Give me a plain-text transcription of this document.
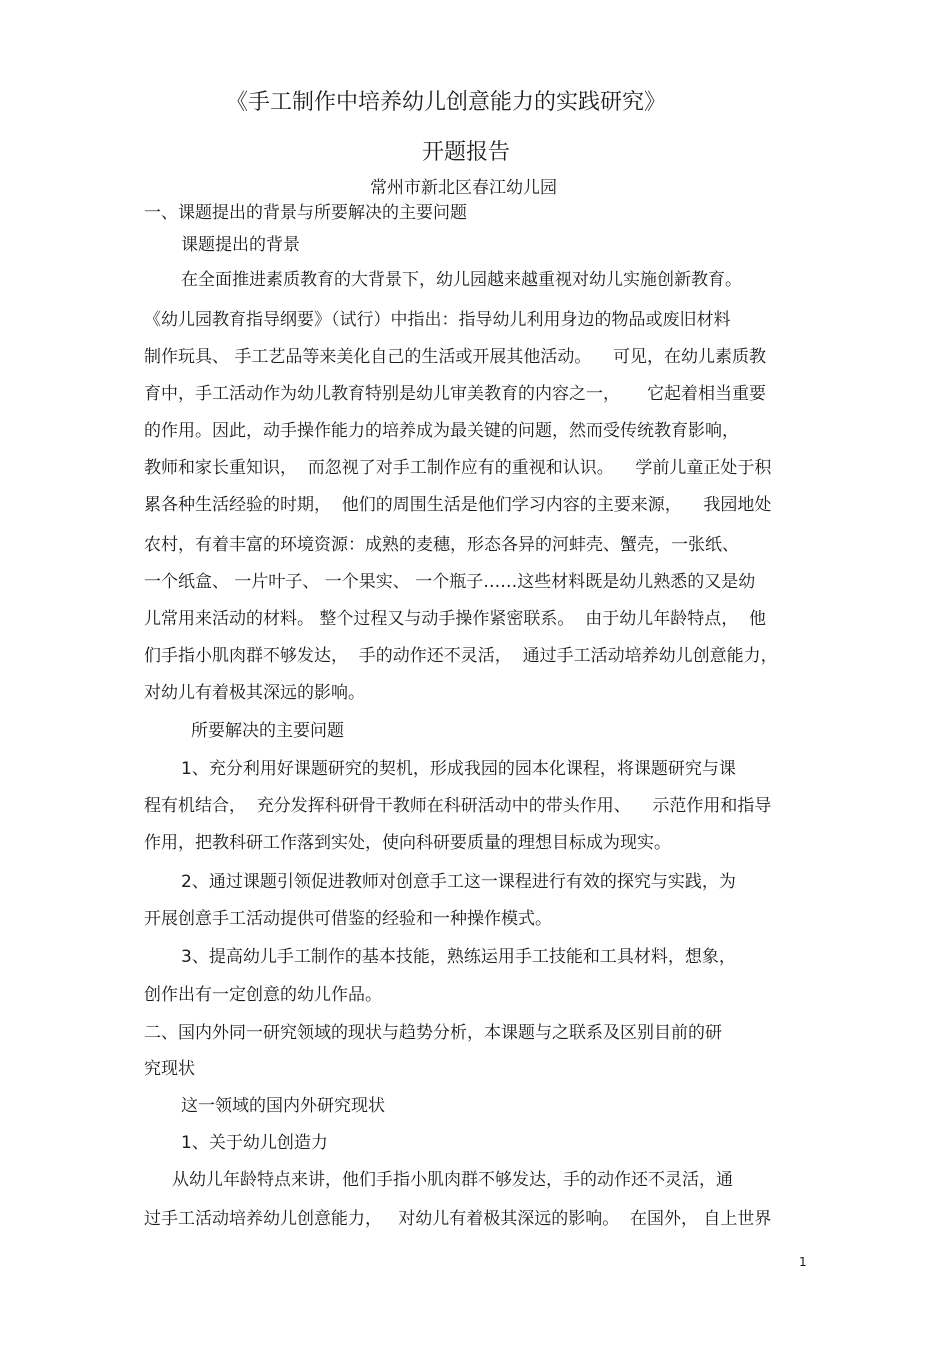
《手工制作中培养幼儿创意能力的实践研究》
开题报告
常州市新北区春江幼儿园
一、课题提出的背景与所要解决的主要问题
课题提出的背景
在全面推进素质教育的大背景下，幼儿园越来越重视对幼儿实施创新教育。
《幼儿园教育指导纲要》（试行）中指出：指导幼儿利用身边的物品或废旧材料
制作玩具、 手工艺品等来美化自己的生活或开展其他活动。    可见，在幼儿素质教
育中，手工活动作为幼儿教育特别是幼儿审美教育的内容之一，     它起着相当重要
的作用。因此，动手操作能力的培养成为最关键的问题，然而受传统教育影响，
教师和家长重知识，  而忽视了对手工制作应有的重视和认识。    学前儿童正处于积
累各种生活经验的时期，  他们的周围生活是他们学习内容的主要来源，    我园地处
农村，有着丰富的环境资源：成熟的麦穗，形态各异的河蚌壳、蟹壳，一张纸、
一个纸盒、 一片叶子、 一个果实、 一个瓶子……这些材料既是幼儿熟悉的又是幼
儿常用来活动的材料。 整个过程又与动手操作紧密联系。  由于幼儿年龄特点，  他
们手指小肌肉群不够发达，  手的动作还不灵活，  通过手工活动培养幼儿创意能力，
对幼儿有着极其深远的影响。
所要解决的主要问题
1、充分利用好课题研究的契机，形成我园的园本化课程，将课题研究与课
程有机结合，  充分发挥科研骨干教师在科研活动中的带头作用、    示范作用和指导
作用，把教科研工作落到实处，使向科研要质量的理想目标成为现实。
2、通过课题引领促进教师对创意手工这一课程进行有效的探究与实践，为
开展创意手工活动提供可借鉴的经验和一种操作模式。
3、提高幼儿手工制作的基本技能，熟练运用手工技能和工具材料，想象，
创作出有一定创意的幼儿作品。
二、国内外同一研究领域的现状与趋势分析，本课题与之联系及区别目前的研
究现状
这一领域的国内外研究现状
1、关于幼儿创造力
从幼儿年龄特点来讲，他们手指小肌肉群不够发达，手的动作还不灵活，通
过手工活动培养幼儿创意能力，   对幼儿有着极其深远的影响。  在国外， 自上世界
1
